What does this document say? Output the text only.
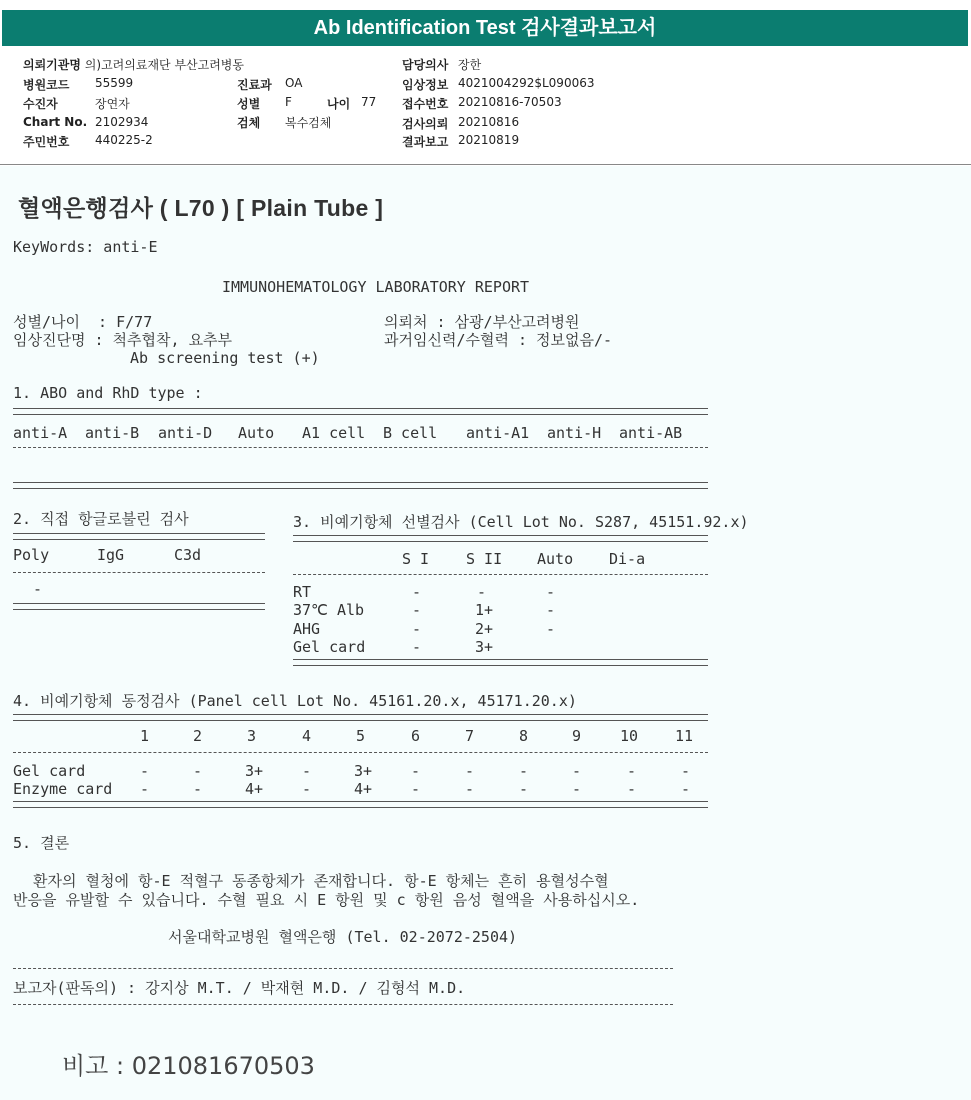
Ab Identification Test 검사결과보고서
의뢰기관명 의)고려의료재단 부산고려병동
병원코드 55599
수진자	장연자
Chart No. 2102934
주민번호 440225-2
진료과 OA
성별 F	나이 77
검체 복수검체
담당의사 장한
임상정보 4021004292$L090063
접수번호 20210816-70503
검사의뢰 20210816
결과보고 20210819
혈액은행검사 ( L70 ) [ Plain Tube ]
KeyWords: anti-E
IMMUNOHEMATOLOGY LABORATORY REPORT
성별/나이  : F/77
임상진단명 : 척추협착, 요추부
Ab screening test (+)
의뢰처 : 삼광/부산고려병원
과거임신력/수혈력 : 정보없음/-
1. ABO and RhD type :
anti-A anti-B anti-D Auto A1 cell B cell anti-A1 anti-H anti-AB
2. 직접 항글로불린 검사
Poly	IgG	C3d
-
3. 비예기항체 선별검사 (Cell Lot No. S287, 45151.92.x)
S I S II Auto Di-a
RT	-	-	-
37℃ Alb	-	1+	-
AHG	-	2+	-
Gel card	-	3+
4. 비예기항체 동정검사 (Panel cell Lot No. 45161.20.x, 45171.20.x)
1	2	3	4	5	6	7	8	9	10 11
Gel card	-	-	3+	-	3+	-	-	-	-	-	-
Enzyme card -	-	4+	-	4+	-	-	-	-	-	-
5. 결론
환자의 혈청에 항-E 적혈구 동종항체가 존재합니다. 항-E 항체는 흔히 용혈성수혈
반응을 유발할 수 있습니다. 수혈 필요 시 E 항원 및 c 항원 음성 혈액을 사용하십시오.
서울대학교병원 혈액은행 (Tel. 02-2072-2504)
보고자(판독의) : 강지상 M.T. / 박재현 M.D. / 김형석 M.D.
비고 : 021081670503
